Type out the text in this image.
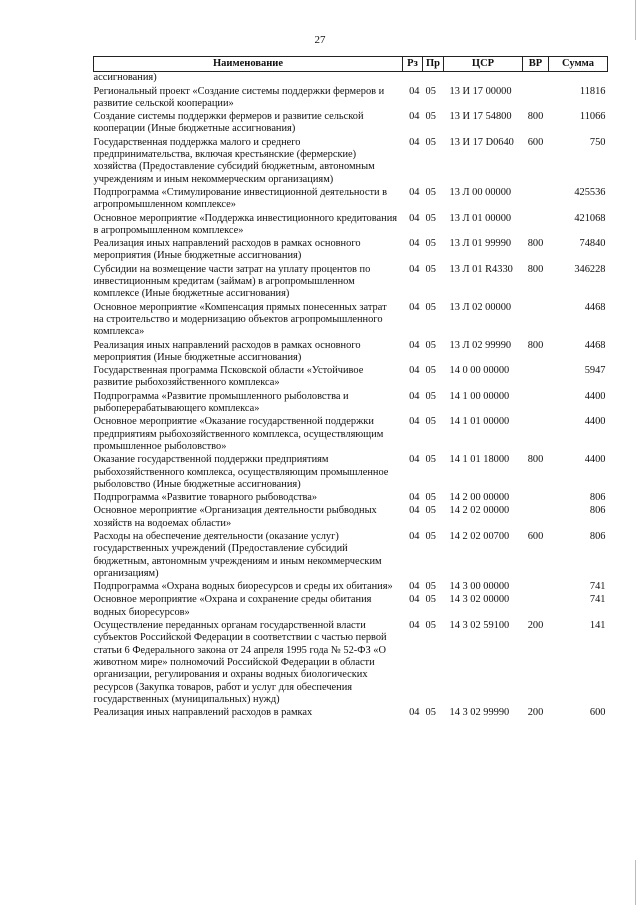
27
Наименование	Рз	Пр	ЦСР	ВР	Сумма
ассигнования)					
Региональный проект «Создание системы поддержки фермеров и развитие сельской кооперации»	04	05	13 И 17 00000		11816
Создание системы поддержки фермеров и развитие сельской кооперации (Иные бюджетные ассигнования)	04	05	13 И 17 54800	800	11066
Государственная поддержка малого и среднего предпринимательства, включая крестьянские (фермерские) хозяйства (Предоставление субсидий бюджетным, автономным учреждениям и иным некоммерческим организациям)	04	05	13 И 17 D0640	600	750
Подпрограмма «Стимулирование инвестиционной деятельности в агропромышленном комплексе»	04	05	13 Л 00 00000		425536
Основное мероприятие «Поддержка инвестиционного кредитования в агропромышленном комплексе»	04	05	13 Л 01 00000		421068
Реализация иных направлений расходов в рамках основного мероприятия (Иные бюджетные ассигнования)	04	05	13 Л 01 99990	800	74840
Субсидии на возмещение части затрат на уплату процентов по инвестиционным кредитам (займам) в агропромышленном комплексе (Иные бюджетные ассигнования)	04	05	13 Л 01 R4330	800	346228
Основное мероприятие «Компенсация прямых понесенных затрат на строительство и модернизацию объектов агропромышленного комплекса»	04	05	13 Л 02 00000		4468
Реализация иных направлений расходов в рамках основного мероприятия (Иные бюджетные ассигнования)	04	05	13 Л 02 99990	800	4468
Государственная программа Псковской области «Устойчивое развитие рыбохозяйственного комплекса»	04	05	14 0 00 00000		5947
Подпрограмма «Развитие промышленного рыболовства и рыбоперерабатывающего комплекса»	04	05	14 1 00 00000		4400
Основное мероприятие «Оказание государственной поддержки предприятиям рыбохозяйственного комплекса, осуществляющим промышленное рыболовство»	04	05	14 1 01 00000		4400
Оказание государственной поддержки предприятиям рыбохозяйственного комплекса, осуществляющим промышленное рыболовство (Иные бюджетные ассигнования)	04	05	14 1 01 18000	800	4400
Подпрограмма «Развитие товарного рыбоводства»	04	05	14 2 00 00000		806
Основное мероприятие «Организация деятельности рыбводных хозяйств на водоемах области»	04	05	14 2 02 00000		806
Расходы на обеспечение деятельности (оказание услуг) государственных учреждений (Предоставление субсидий бюджетным, автономным учреждениям и иным некоммерческим организациям)	04	05	14 2 02 00700	600	806
Подпрограмма «Охрана водных биоресурсов и среды их обитания»	04	05	14 3 00 00000		741
Основное мероприятие «Охрана и сохранение среды обитания водных биоресурсов»	04	05	14 3 02 00000		741
Осуществление переданных органам государственной власти субъектов Российской Федерации в соответствии с частью первой статьи 6 Федерального закона от 24 апреля 1995 года № 52-ФЗ «О животном мире» полномочий Российской Федерации в области организации, регулирования и охраны водных биологических ресурсов (Закупка товаров, работ и услуг для обеспечения государственных (муниципальных) нужд)	04	05	14 3 02 59100	200	141
Реализация иных направлений расходов в рамках	04	05	14 3 02 99990	200	600
